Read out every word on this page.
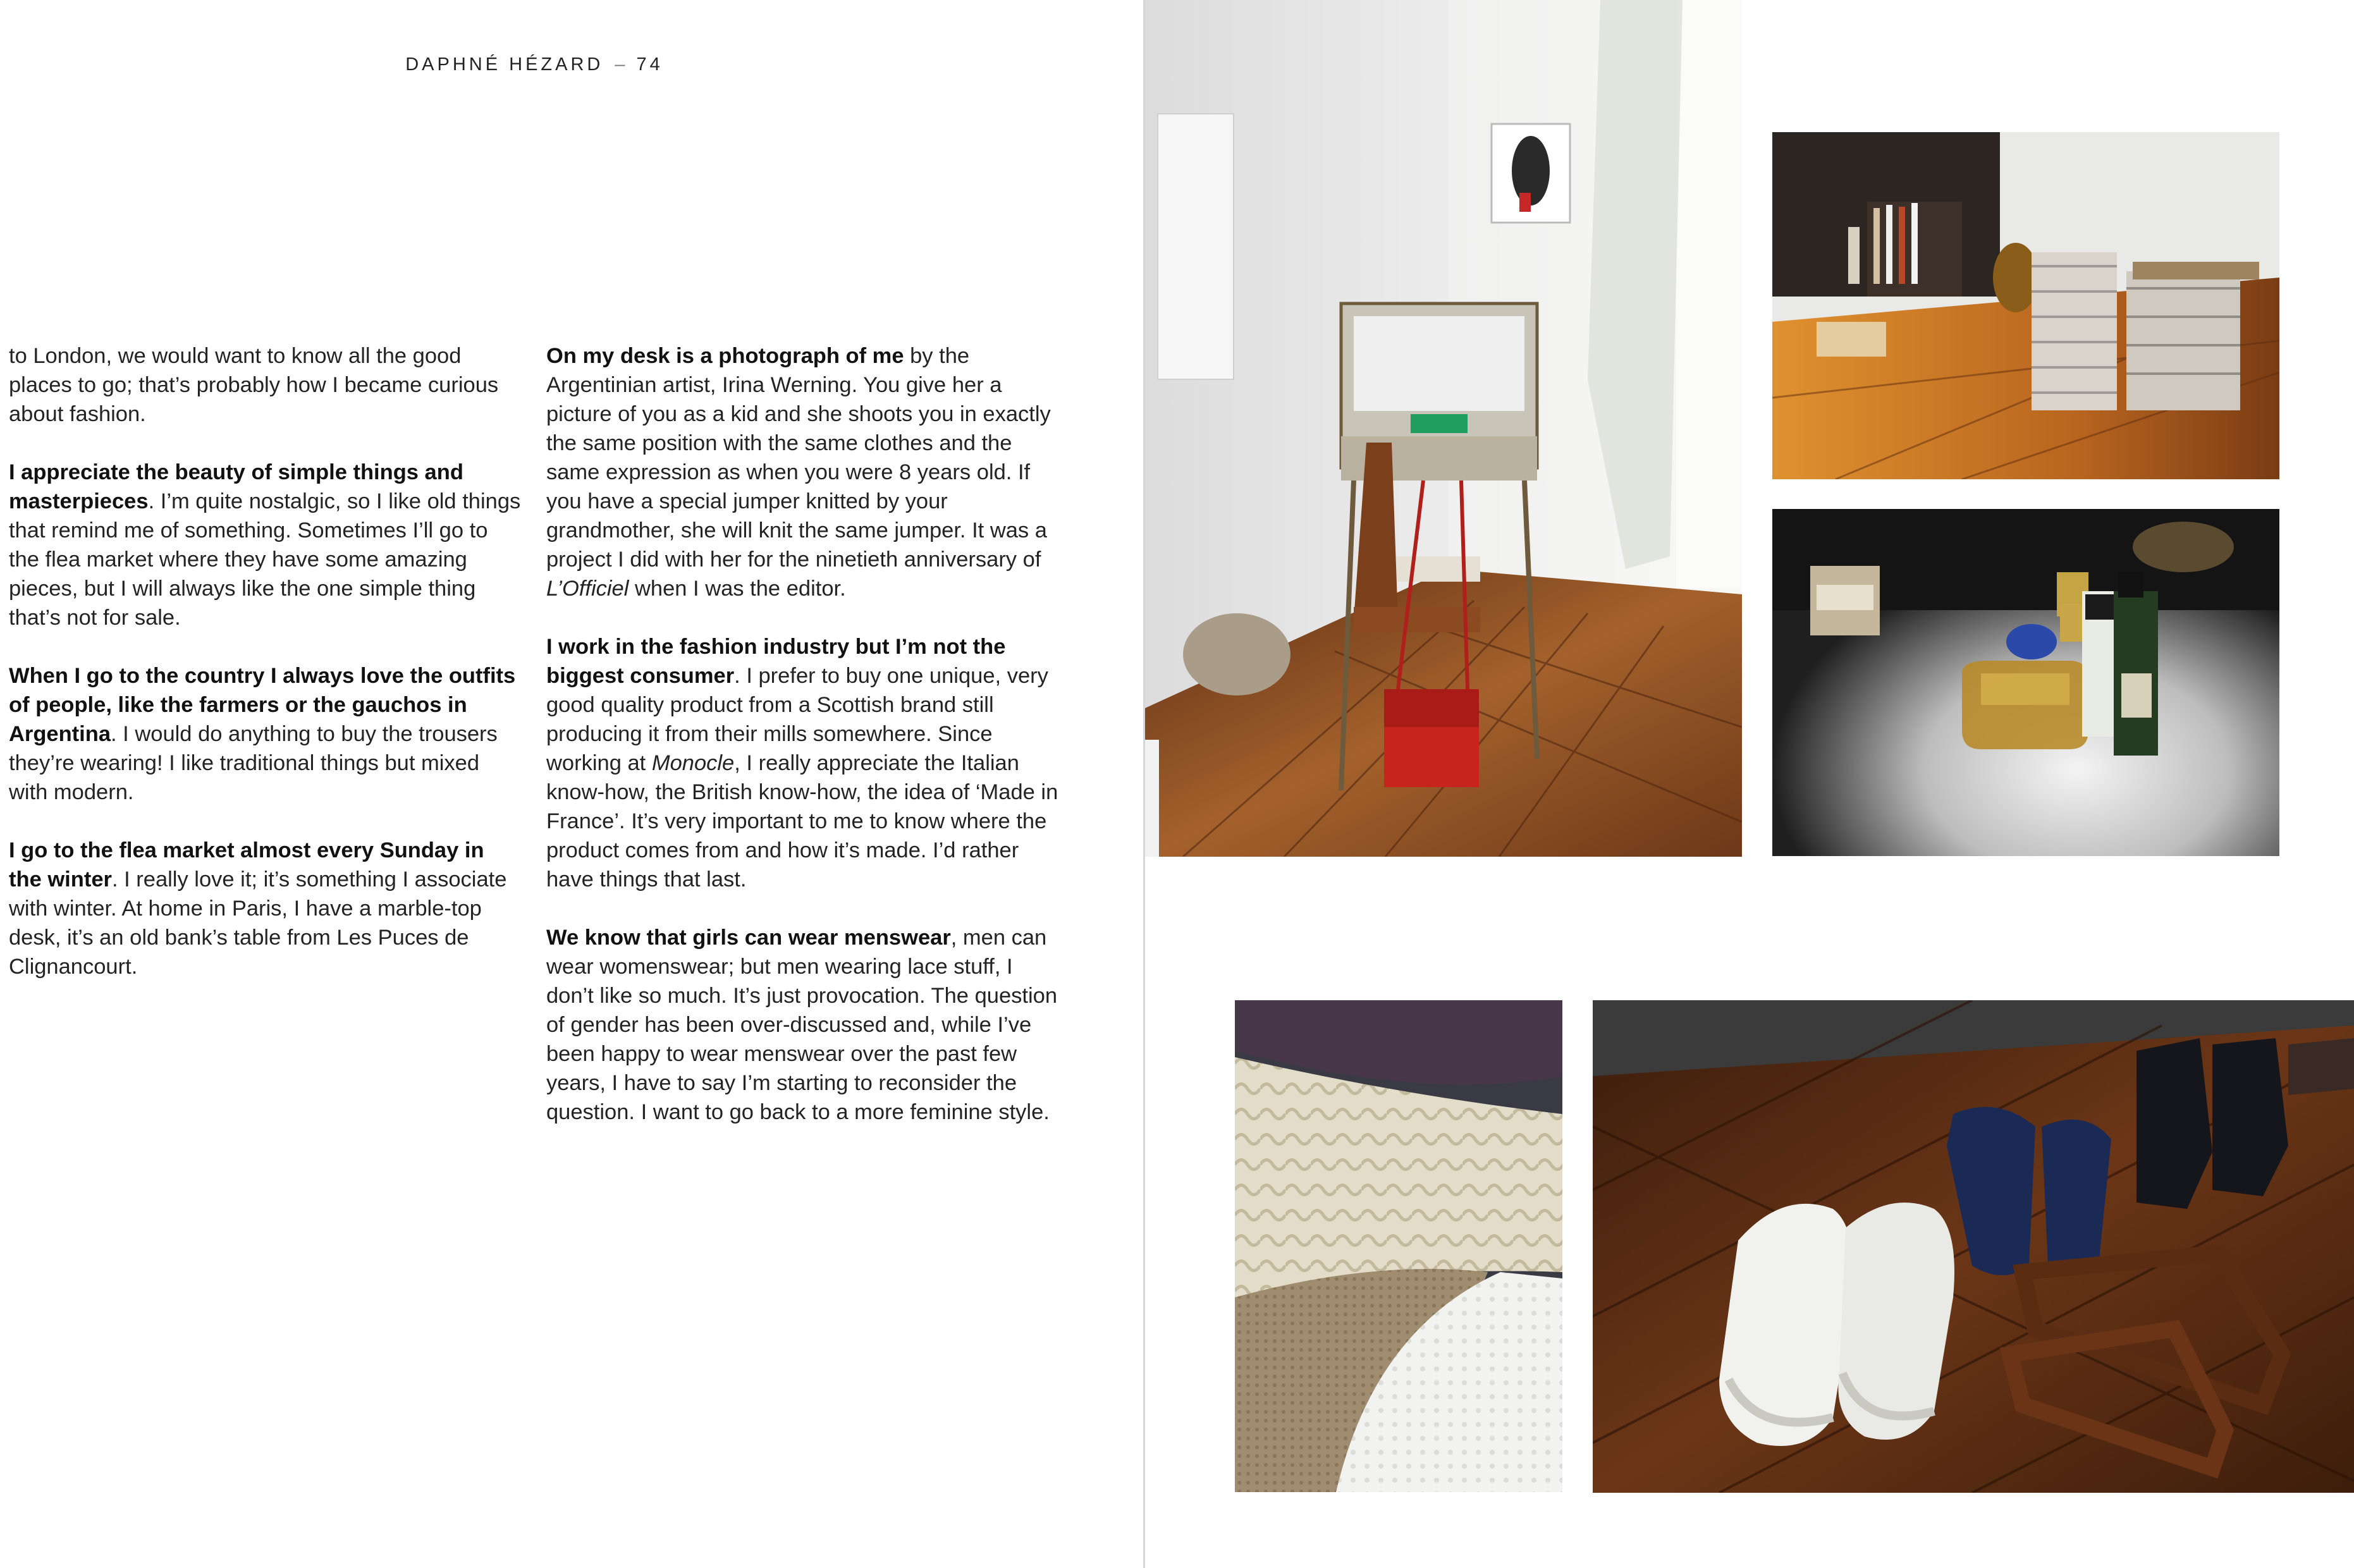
DAPHNÉ HÉZARD – 74

to London, we would want to know all the good places to go; that’s probably how I became curious about fashion.

I appreciate the beauty of simple things and masterpieces. I’m quite nostalgic, so I like old things that remind me of something. Sometimes I’ll go to the flea market where they have some amazing pieces, but I will always like the one simple thing that’s not for sale.

When I go to the country I always love the outfits of people, like the farmers or the gauchos in Argentina. I would do anything to buy the trousers they’re wearing! I like traditional things but mixed with modern.

I go to the flea market almost every Sunday in the winter. I really love it; it’s something I associate with winter. At home in Paris, I have a marble-top desk, it’s an old bank’s table from Les Puces de Clignancourt.

On my desk is a photograph of me by the Argentinian artist, Irina Werning. You give her a picture of you as a kid and she shoots you in exactly the same position with the same clothes and the same expression as when you were 8 years old. If you have a special jumper knitted by your grandmother, she will knit the same jumper. It was a project I did with her for the ninetieth anniversary of L’Officiel when I was the editor.

I work in the fashion industry but I’m not the biggest consumer. I prefer to buy one unique, very good quality product from a Scottish brand still producing it from their mills somewhere. Since working at Monocle, I really appreciate the Italian know-how, the British know-how, the idea of ‘Made in France’. It’s very important to me to know where the product comes from and how it’s made. I’d rather have things that last.

We know that girls can wear menswear, men can wear womenswear; but men wearing lace stuff, I don’t like so much. It’s just provocation. The question of gender has been over-discussed and, while I’ve been happy to wear menswear over the past few years, I have to say I’m starting to reconsider the question. I want to go back to a more feminine style.
